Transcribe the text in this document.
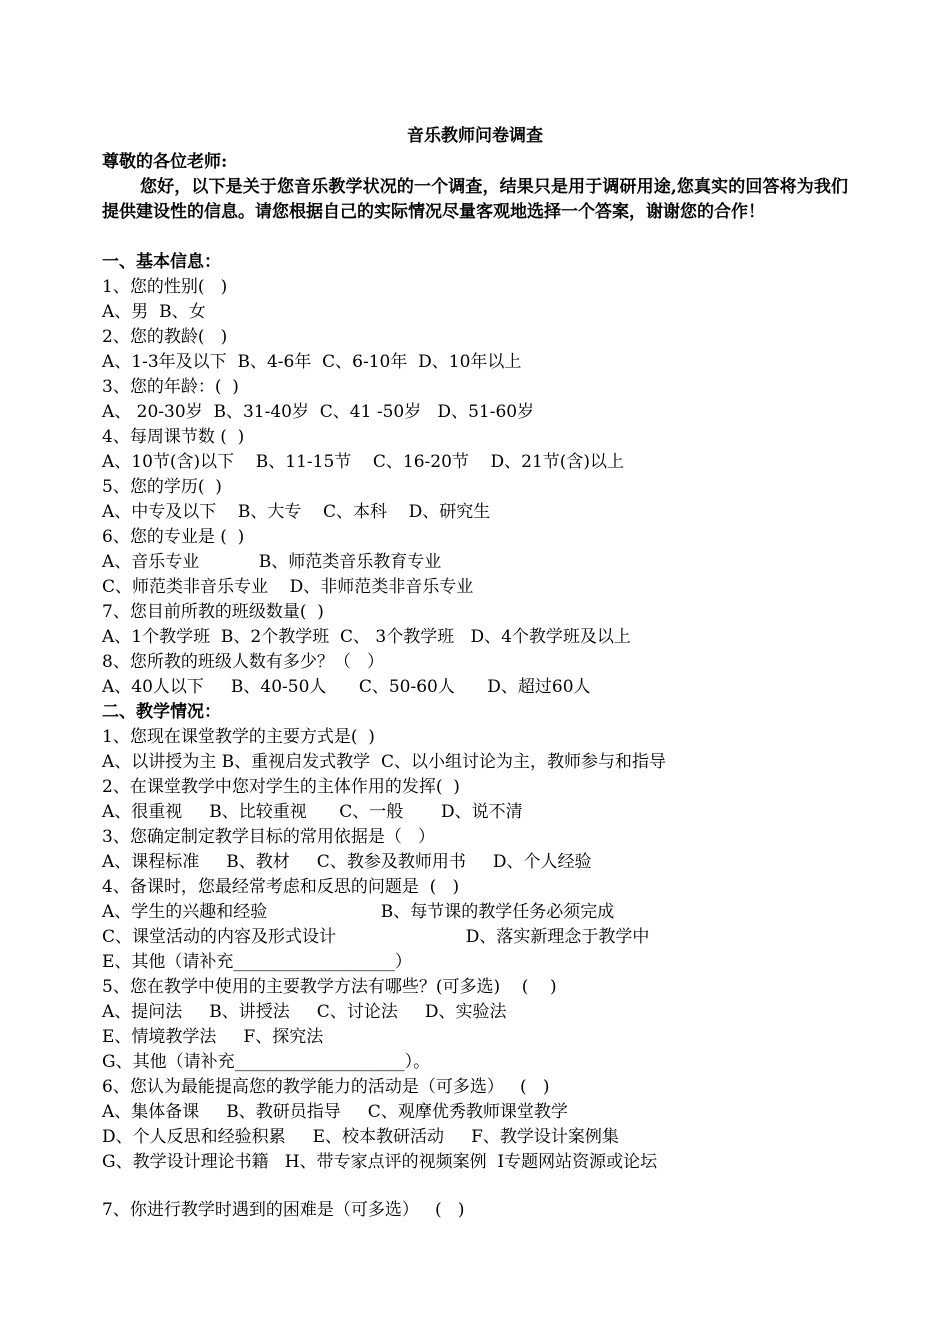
音乐教师问卷调查
尊敬的各位老师:
您好，以下是关于您音乐教学状况的一个调查，结果只是用于调研用途,您真实的回答将为我们提供建设性的信息。请您根据自己的实际情况尽量客观地选择一个答案，谢谢您的合作！
一、基本信息：
1、您的性别(   )
A、男  B、女
2、您的教龄(   )
A、1-3年及以下  B、4-6年  C、6-10年  D、10年以上
3、您的年龄：(  )
A、 20-30岁  B、31-40岁  C、41 -50岁   D、51-60岁
4、每周课节数 (  )
A、10节(含)以下    B、11-15节    C、16-20节    D、21节(含)以上
5、您的学历(  )
A、中专及以下    B、大专    C、本科    D、研究生
6、您的专业是 (  )
A、音乐专业           B、师范类音乐教育专业
C、师范类非音乐专业    D、非师范类非音乐专业
7、您目前所教的班级数量(  )
A、1个教学班  B、2个教学班  C、 3个教学班   D、4个教学班及以上
8、您所教的班级人数有多少？（   ）
A、40人以下     B、40-50人      C、50-60人      D、超过60人
二、教学情况：
1、您现在课堂教学的主要方式是(  )
A、以讲授为主 B、重视启发式教学  C、以小组讨论为主，教师参与和指导
2、在课堂教学中您对学生的主体作用的发挥(  )
A、很重视     B、比较重视      C、一般       D、说不清
3、您确定制定教学目标的常用依据是（   ）
A、课程标准     B、教材     C、教参及教师用书     D、个人经验
4、备课时，您最经常考虑和反思的问题是  (   )
A、学生的兴趣和经验                     B、每节课的教学任务必须完成
C、课堂活动的内容及形式设计                        D、落实新理念于教学中
E、其他（请补充___________________）
5、您在教学中使用的主要教学方法有哪些？(可多选)    (    )
A、提问法     B、讲授法     C、讨论法     D、实验法
E、情境教学法     F、探究法
G、其他（请补充____________________）。
6、您认为最能提高您的教学能力的活动是（可多选）   (   )
A、集体备课     B、教研员指导     C、观摩优秀教师课堂教学
D、个人反思和经验积累     E、校本教研活动     F、教学设计案例集
G、教学设计理论书籍   H、带专家点评的视频案例  I专题网站资源或论坛
7、你进行教学时遇到的困难是（可多选）   (   )
